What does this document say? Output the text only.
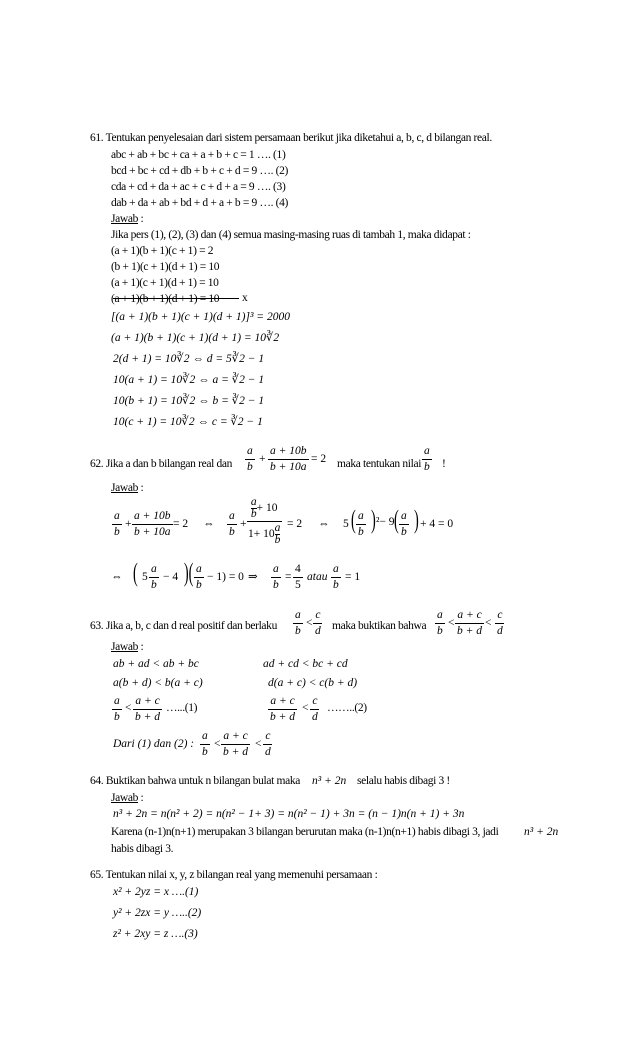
61. Tentukan penyelesaian dari sistem persamaan berikut jika diketahui a, b, c, d bilangan real.
abc + ab + bc + ca + a + b + c = 1 …. (1)
bcd + bc + cd + db + b + c + d = 9 …. (2)
cda + cd + da + ac + c + d + a = 9 …. (3)
dab + da + ab + bd + d + a + b = 9 …. (4)
Jawab :
Jika pers (1), (2), (3) dan (4) semua masing-masing ruas di tambah 1, maka didapat :
(a + 1)(b + 1)(c + 1) = 2
(b + 1)(c + 1)(d + 1) = 10
(a + 1)(c + 1)(d + 1) = 10
(a + 1)(b + 1)(d + 1) = 10 x
[(a + 1)(b + 1)(c + 1)(d + 1)]³ = 2000
(a + 1)(b + 1)(c + 1)(d + 1) = 10∛2
2(d + 1) = 10∛2 ⇔ d = 5∛2 − 1
10(a + 1) = 10∛2 ⇔ a = ∛2 − 1
10(b + 1) = 10∛2 ⇔ b = ∛2 − 1
10(c + 1) = 10∛2 ⇔ c = ∛2 − 1
62. Jika a dan b bilangan real dan $\frac{a}{b} + \frac{a + 10b}{b + 10a} = 2$ maka tentukan nilai $\frac{a}{b}$ !
Jawab :
$\frac{a}{b} + \frac{a + 10b}{b + 10a} = 2$ ⇔ $\frac{a}{b} + \frac{\frac{a}{b} + 10}{1+ 10 \frac{a}{b}} = 2$ ⇔ 5 ( $\frac{a}{b}$ ) ²− 9 ( $\frac{a}{b}$ ) + 4 = 0
⇔ ( $5 \frac{a}{b} - 4$ )( $\frac{a}{b} - 1) = 0$ ⇒ $\frac{a}{b} = \frac{4}{5}$ atau $\frac{a}{b} = 1$
63. Jika a, b, c dan d real positif dan berlaku $\frac{a}{b} < \frac{c}{d}$ maka buktikan bahwa $\frac{a}{b} < \frac{a + c}{b + d} < \frac{c}{d}$
Jawab :
ab + ad < ab + bc	ad + cd < bc + cd
a(b + d) < b(a + c)	d(a + c) < c(b + d)
$\frac{a}{b} < \frac{a + c}{b + d}$ …...(1)	$\frac{a + c}{b + d} < \frac{c}{d}$ ……..(2)
Dari (1) dan (2) : $\frac{a}{b} < \frac{a + c}{b + d} < \frac{c}{d}$
64. Buktikan bahwa untuk n bilangan bulat maka n³ + 2n selalu habis dibagi 3 !
Jawab :
n³ + 2n = n(n² + 2) = n(n² − 1+ 3) = n(n² − 1) + 3n = (n − 1)n(n + 1) + 3n
Karena (n-1)n(n+1) merupakan 3 bilangan berurutan maka (n-1)n(n+1) habis dibagi 3, jadi n³ + 2n
habis dibagi 3.
65. Tentukan nilai x, y, z bilangan real yang memenuhi persamaan :
x² + 2yz = x ….(1)
y² + 2zx = y …..(2)
z² + 2xy = z ….(3)
